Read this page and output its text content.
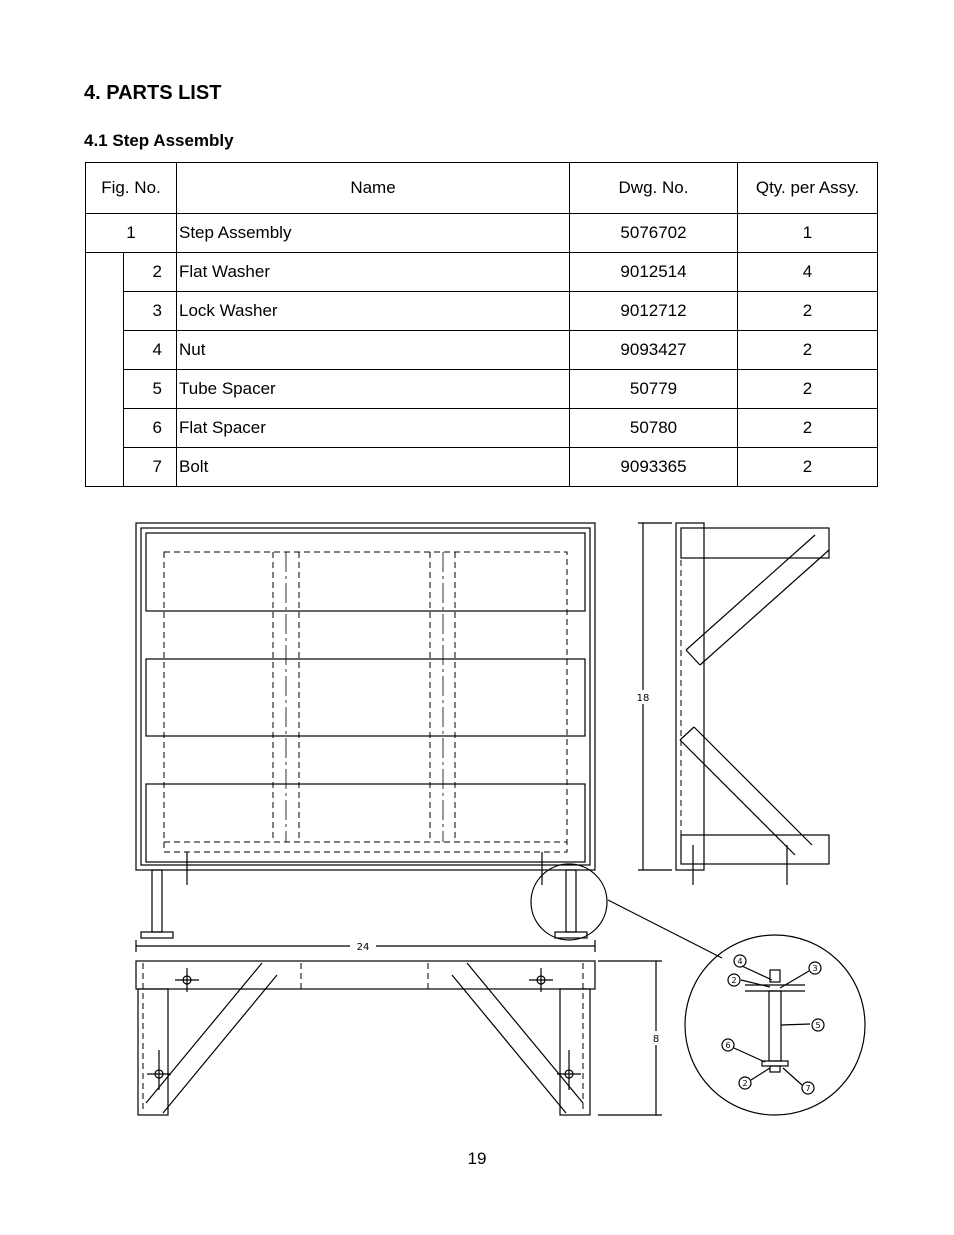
4. PARTS LIST
4.1 Step Assembly
Fig. No.		Name	Dwg. No.	Qty. per Assy.
1		Step Assembly	5076702	1
	2	Flat Washer	9012514	4
	3	Lock Washer	9012712	2
	4	Nut	9093427	2
	5	Tube Spacer	50779	2
	6	Flat Spacer	50780	2
	7	Bolt	9093365	2
18
24
8
4
3
2
5
6
2
7
19
